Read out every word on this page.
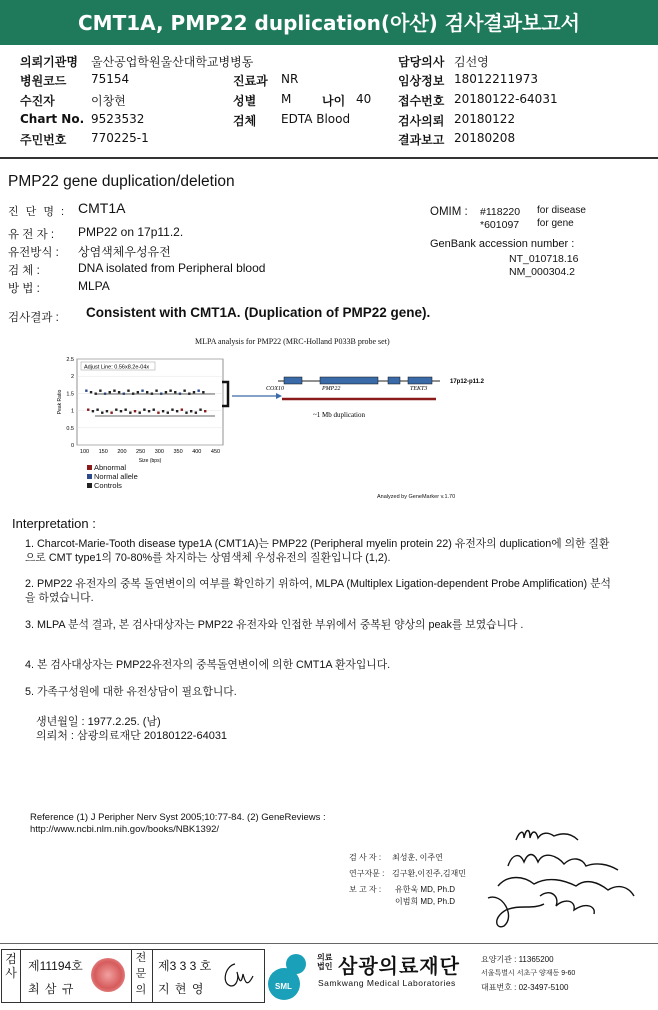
CMT1A, PMP22 duplication(아산) 검사결과보고서
의뢰기관명 울산공업학원울산대학교병병동
병원코드 75154	진료과 NR
수진자	이창현	성별 M	나이 40
Chart No. 9523532	검체 EDTA Blood
주민번호 770225-1
담당의사 김선영
임상정보 18012211973
접수번호 20180122-64031
검사의뢰 20180122
결과보고 20180208
PMP22 gene duplication/deletion
진 단 명 : CMT1A
유 전 자 : PMP22 on 17p11.2.
유전방식 : 상염색체우성유전
검 체 :	DNA isolated from Peripheral blood
방 법 :	MLPA
OMIM : #118220 for disease
*601097 for gene
GenBank accession number :
NT_010718.16
NM_000304.2
검사결과 : Consistent with CMT1A. (Duplication of PMP22 gene).
MLPA analysis for PMP22 (MRC-Holland P033B probe set)
Adjust Line: 0.56x8.2e-04x
Peak Ratio
2.5
2
1.5
1
0.5
0
100 150 200 250 300 350 400 450
Size (bps)
Abnormal
Normal allele
Controls
COX10	PMP22	TEKT3
17p12-p11.2
~1 Mb duplication
Analyzed by GeneMarker v.1.70
Interpretation :
1. Charcot-Marie-Tooth disease type1A (CMT1A)는 PMP22 (Peripheral myelin protein 22) 유전자의 duplication에 의한 질환으로 CMT type1의 70-80%를 차지하는 상염색체 우성유전의 질환입니다 (1,2).
2. PMP22 유전자의 중복 돌연변이의 여부를 확인하기 위하여, MLPA (Multiplex Ligation-dependent Probe Amplification) 분석을 하였습니다.
3. MLPA 분석 결과, 본 검사대상자는 PMP22 유전자와 인접한 부위에서 중복된 양상의 peak를 보였습니다 .
4. 본 검사대상자는 PMP22유전자의 중복돌연변이에 의한 CMT1A 환자입니다.
5. 가족구성원에 대한 유전상담이 필요합니다.
생년월일 : 1977.2.25. (남)
의뢰처 : 삼광의료재단 20180122-64031
Reference (1) J Peripher Nerv Syst 2005;10:77-84. (2) GeneReviews :
http://www.ncbi.nlm.nih.gov/books/NBK1392/
검 사 자 : 최성훈, 이주연
연구자문 : 김구환,이진주,김재민
보 고 자 : 유한욱 MD, Ph.D
이범희 MD, Ph.D
검사 제11194호
최 삼 규
전문의
제3 3 3 호
지 현 영	SML
의료법인 삼광의료재단
Samkwang Medical Laboratories
요양기관 : 11365200
서울특별시 서초구 양재동 9-60
대표번호 : 02-3497-5100
